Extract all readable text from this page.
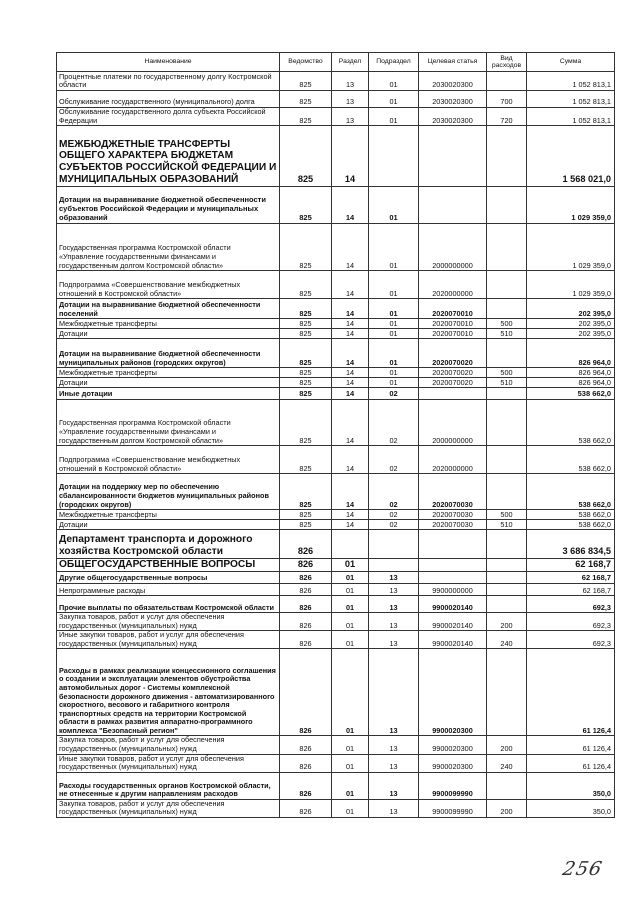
Наименование	Ведомство	Раздел	Подраздел	Целевая статья	Вид расходов	Сумма
Процентные платежи по государственному долгу Костромской области	825	13	01	2030020300		1 052 813,1
Обслуживание государственного (муниципального) долга	825	13	01	2030020300	700	1 052 813,1
Обслуживание государственного долга субъекта Российской Федерации	825	13	01	2030020300	720	1 052 813,1
МЕЖБЮДЖЕТНЫЕ ТРАНСФЕРТЫ ОБЩЕГО ХАРАКТЕРА БЮДЖЕТАМ СУБЪЕКТОВ РОССИЙСКОЙ ФЕДЕРАЦИИ И МУНИЦИПАЛЬНЫХ ОБРАЗОВАНИЙ	825	14				1 568 021,0
Дотации на выравнивание бюджетной обеспеченности субъектов Российской Федерации и муниципальных образований	825	14	01			1 029 359,0
Государственная программа Костромской области «Управление государственными финансами и государственным долгом Костромской области»	825	14	01	2000000000		1 029 359,0
Подпрограмма «Совершенствование межбюджетных отношений в Костромской области»	825	14	01	2020000000		1 029 359,0
Дотации на выравнивание бюджетной обеспеченности поселений	825	14	01	2020070010		202 395,0
Межбюджетные трансферты	825	14	01	2020070010	500	202 395,0
Дотации	825	14	01	2020070010	510	202 395,0
Дотации на выравнивание бюджетной обеспеченности муниципальных районов (городских округов)	825	14	01	2020070020		826 964,0
Межбюджетные трансферты	825	14	01	2020070020	500	826 964,0
Дотации	825	14	01	2020070020	510	826 964,0
Иные дотации	825	14	02			538 662,0
Государственная программа Костромской области «Управление государственными финансами и государственным долгом Костромской области»	825	14	02	2000000000		538 662,0
Подпрограмма «Совершенствование межбюджетных отношений в Костромской области»	825	14	02	2020000000		538 662,0
Дотации на поддержку мер по обеспечению сбалансированности бюджетов муниципальных районов (городских округов)	825	14	02	2020070030		538 662,0
Межбюджетные трансферты	825	14	02	2020070030	500	538 662,0
Дотации	825	14	02	2020070030	510	538 662,0
Департамент транспорта и дорожного хозяйства Костромской области	826					3 686 834,5
ОБЩЕГОСУДАРСТВЕННЫЕ ВОПРОСЫ	826	01				62 168,7
Другие общегосударственные вопросы	826	01	13			62 168,7
Непрограммные расходы	826	01	13	9900000000		62 168,7
Прочие выплаты по обязательствам Костромской области	826	01	13	9900020140		692,3
Закупка товаров, работ и услуг для обеспечения государственных (муниципальных) нужд	826	01	13	9900020140	200	692,3
Иные закупки товаров, работ и услуг для обеспечения государственных (муниципальных) нужд	826	01	13	9900020140	240	692,3
Расходы в рамках реализации концессионного соглашения о создании и эксплуатации элементов обустройства автомобильных дорог - Системы комплексной безопасности дорожного движения - автоматизированного скоростного, весового и габаритного контроля транспортных средств на территории Костромской области в рамках развития аппаратно-программного комплекса "Безопасный регион"	826	01	13	9900020300		61 126,4
Закупка товаров, работ и услуг для обеспечения государственных (муниципальных) нужд	826	01	13	9900020300	200	61 126,4
Иные закупки товаров, работ и услуг для обеспечения государственных (муниципальных) нужд	826	01	13	9900020300	240	61 126,4
Расходы государственных органов Костромской области, не отнесенные к другим направлениям расходов	826	01	13	9900099990		350,0
Закупка товаров, работ и услуг для обеспечения государственных (муниципальных) нужд	826	01	13	9900099990	200	350,0
256
